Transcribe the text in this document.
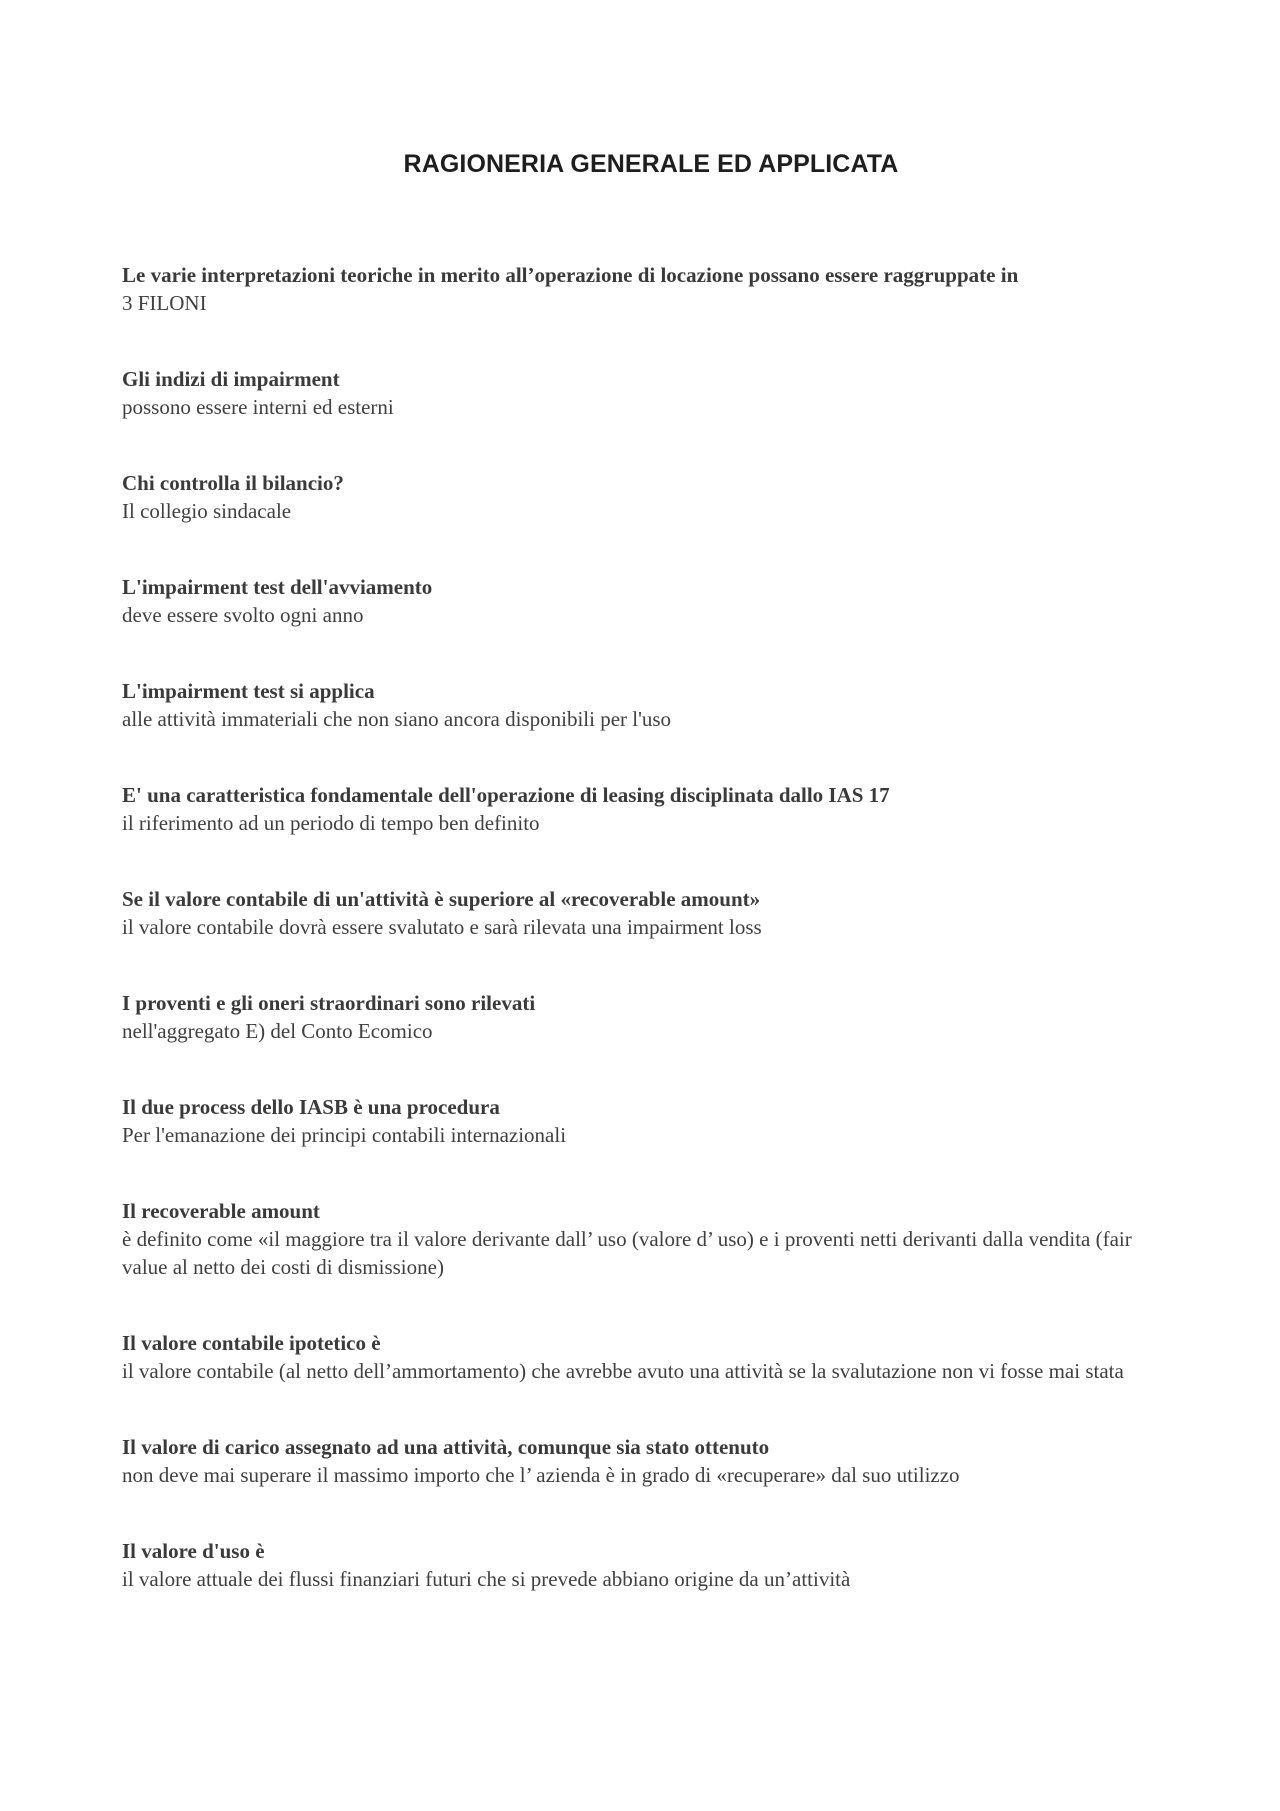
RAGIONERIA GENERALE ED APPLICATA
Le varie interpretazioni teoriche in merito all’operazione di locazione possano essere raggruppate in
3 FILONI
Gli indizi di impairment
possono essere interni ed esterni
Chi controlla il bilancio?
Il collegio sindacale
L'impairment test dell'avviamento
deve essere svolto ogni anno
L'impairment test si applica
alle attività immateriali che non siano ancora disponibili per l'uso
E' una caratteristica fondamentale dell'operazione di leasing disciplinata dallo IAS 17
il riferimento ad un periodo di tempo ben definito
Se il valore contabile di un'attività è superiore al «recoverable amount»
il valore contabile dovrà essere svalutato e sarà rilevata una impairment loss
I proventi e gli oneri straordinari sono rilevati
nell'aggregato E) del Conto Ecomico
Il due process dello IASB è una procedura
Per l'emanazione dei principi contabili internazionali
Il recoverable amount
è definito come «il maggiore tra il valore derivante dall’ uso (valore d’ uso) e i proventi netti derivanti dalla vendita (fair value al netto dei costi di dismissione)
Il valore contabile ipotetico è
il valore contabile (al netto dell’ammortamento) che avrebbe avuto una attività se la svalutazione non vi fosse mai stata
Il valore di carico assegnato ad una attività, comunque sia stato ottenuto
non deve mai superare il massimo importo che l’ azienda è in grado di «recuperare» dal suo utilizzo
Il valore d'uso è
il valore attuale dei flussi finanziari futuri che si prevede abbiano origine da un’attività
